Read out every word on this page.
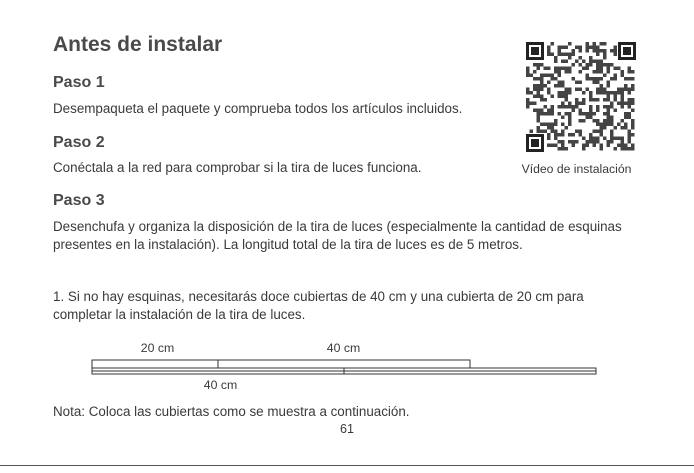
Antes de instalar
Paso 1

Desempaqueta el paquete y comprueba todos los artículos incluidos.

Paso 2

Conéctala a la red para comprobar si la tira de luces funciona.

Paso 3

Desenchufa y organiza la disposición de la tira de luces (especialmente la cantidad de esquinas presentes en la instalación). La longitud total de la tira de luces es de 5 metros.

1. Si no hay esquinas, necesitarás doce cubiertas de 40 cm y una cubierta de 20 cm para completar la instalación de la tira de luces.

Vídeo de instalación
20 cm	40 cm
40 cm

Nota: Coloca las cubiertas como se muestra a continuación.

61
